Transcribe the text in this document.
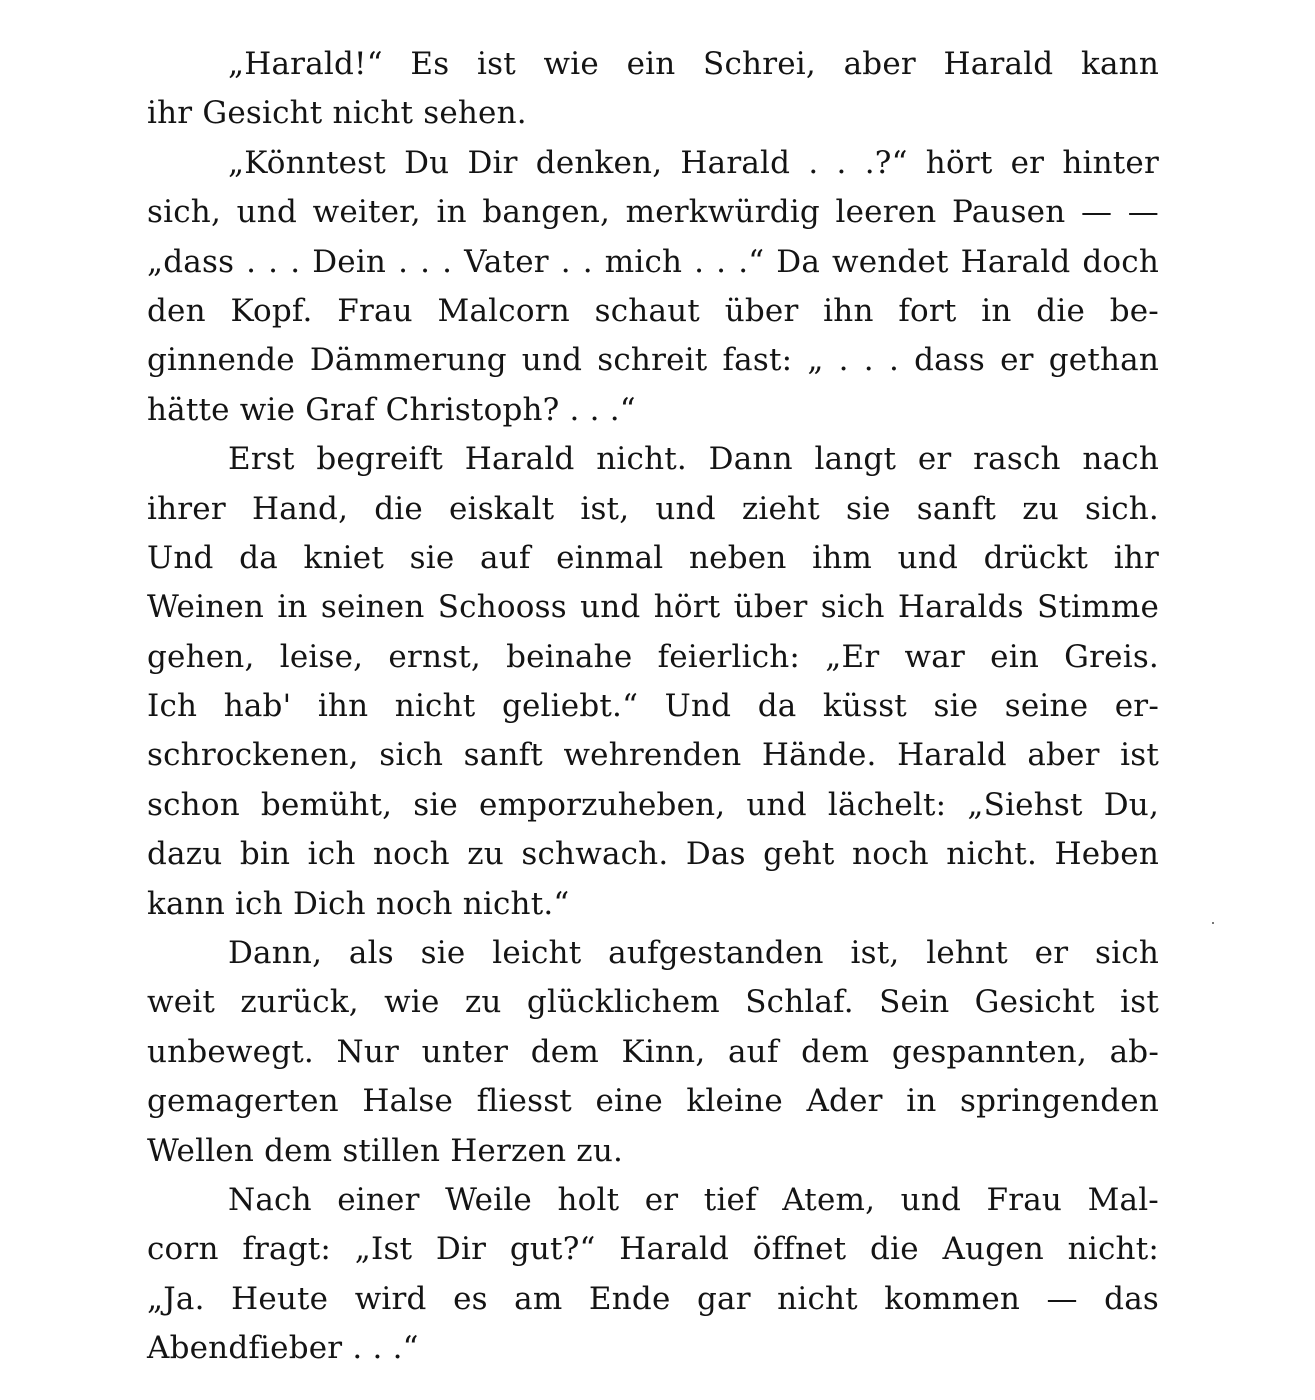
„Harald!“ Es ist wie ein Schrei, aber Harald kann
ihr Gesicht nicht sehen.
„Könntest Du Dir denken, Harald . . .?“ hört er hinter
sich, und weiter, in bangen, merkwürdig leeren Pausen — —
„dass . . . Dein . . . Vater . . mich . . .“ Da wendet Harald doch
den Kopf. Frau Malcorn schaut über ihn fort in die be-
ginnende Dämmerung und schreit fast: „ . . . dass er gethan
hätte wie Graf Christoph? . . .“
Erst begreift Harald nicht. Dann langt er rasch nach
ihrer Hand, die eiskalt ist, und zieht sie sanft zu sich.
Und da kniet sie auf einmal neben ihm und drückt ihr
Weinen in seinen Schooss und hört über sich Haralds Stimme
gehen, leise, ernst, beinahe feierlich: „Er war ein Greis.
Ich hab' ihn nicht geliebt.“ Und da küsst sie seine er-
schrockenen, sich sanft wehrenden Hände. Harald aber ist
schon bemüht, sie emporzuheben, und lächelt: „Siehst Du,
dazu bin ich noch zu schwach. Das geht noch nicht. Heben
kann ich Dich noch nicht.“
Dann, als sie leicht aufgestanden ist, lehnt er sich
weit zurück, wie zu glücklichem Schlaf. Sein Gesicht ist
unbewegt. Nur unter dem Kinn, auf dem gespannten, ab-
gemagerten Halse fliesst eine kleine Ader in springenden
Wellen dem stillen Herzen zu.
Nach einer Weile holt er tief Atem, und Frau Mal-
corn fragt: „Ist Dir gut?“ Harald öffnet die Augen nicht:
„Ja. Heute wird es am Ende gar nicht kommen — das
Abendfieber . . .“
